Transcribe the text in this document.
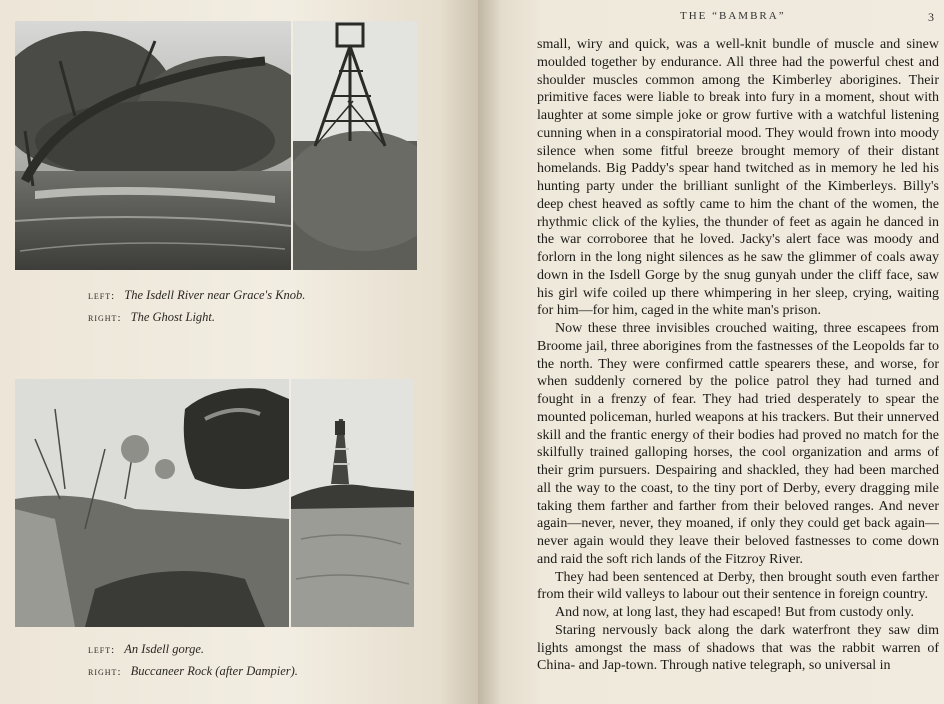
left: The Isdell River near Grace's Knob.
right: The Ghost Light.
left: An Isdell gorge.
right: Buccaneer Rock (after Dampier).
THE “BAMBRA”	3

small, wiry and quick, was a well-knit bundle of muscle and sinew moulded together by endurance. All three had the powerful chest and shoulder muscles common among the Kimberley aborigines. Their primitive faces were liable to break into fury in a moment, shout with laughter at some simple joke or grow furtive with a watchful listening cunning when in a conspiratorial mood. They would frown into moody silence when some fitful breeze brought memory of their distant homelands. Big Paddy's spear hand twitched as in memory he led his hunting party under the brilliant sunlight of the Kimberleys. Billy's deep chest heaved as softly came to him the chant of the women, the rhythmic click of the kylies, the thunder of feet as again he danced in the war corroboree that he loved. Jacky's alert face was moody and forlorn in the long night silences as he saw the glimmer of coals away down in the Isdell Gorge by the snug gunyah under the cliff face, saw his girl wife coiled up there whimpering in her sleep, crying, waiting for him—for him, caged in the white man's prison.

Now these three invisibles crouched waiting, three escapees from Broome jail, three aborigines from the fastnesses of the Leopolds far to the north. They were confirmed cattle spearers these, and worse, for when suddenly cornered by the police patrol they had turned and fought in a frenzy of fear. They had tried desperately to spear the mounted policeman, hurled weapons at his trackers. But their unnerved skill and the frantic energy of their bodies had proved no match for the skilfully trained galloping horses, the cool organization and arms of their grim pursuers. Despairing and shackled, they had been marched all the way to the coast, to the tiny port of Derby, every dragging mile taking them farther and farther from their beloved ranges. And never again—never, never, they moaned, if only they could get back again—never again would they leave their beloved fastnesses to come down and raid the soft rich lands of the Fitzroy River.

They had been sentenced at Derby, then brought south even farther from their wild valleys to labour out their sentence in foreign country.

And now, at long last, they had escaped! But from custody only.

Staring nervously back along the dark waterfront they saw dim lights amongst the mass of shadows that was the rabbit warren of China- and Jap-town. Through native telegraph, so universal in
